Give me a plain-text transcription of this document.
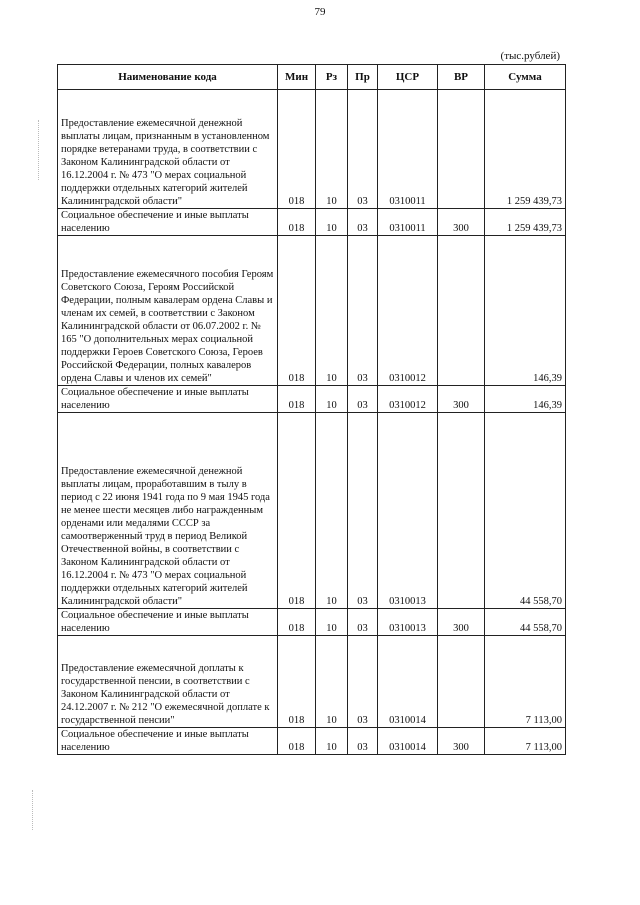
79
(тыс.рублей)
Наименование кода	Мин	Рз	Пр	ЦСР	ВР	Сумма

Предоставление ежемесячной денежной выплаты лицам, признанным в установленном порядке ветеранами труда, в соответствии с Законом Калининградской области от 16.12.2004 г. № 473 "О мерах социальной поддержки отдельных категорий жителей Калининградской области"	018	10	03	0310011		1 259 439,73

Социальное обеспечение и иные выплаты населению	018	10	03	0310011	300	1 259 439,73

Предоставление ежемесячного пособия Героям Советского Союза, Героям Российской Федерации, полным кавалерам ордена Славы и членам их семей, в соответствии с Законом Калининградской области от 06.07.2002 г. № 165 "О дополнительных мерах социальной поддержки Героев Советского Союза, Героев Российской Федерации, полных кавалеров ордена Славы и членов их семей"	018	10	03	0310012		146,39

Социальное обеспечение и иные выплаты населению	018	10	03	0310012	300	146,39

Предоставление ежемесячной денежной выплаты лицам, проработавшим в тылу в период с 22 июня 1941 года по 9 мая 1945 года не менее шести месяцев либо награжденным орденами или медалями СССР за самоотверженный труд в период Великой Отечественной войны, в соответствии с Законом Калининградской области от 16.12.2004 г. № 473 "О мерах социальной поддержки отдельных категорий жителей Калининградской области"	018	10	03	0310013		44 558,70

Социальное обеспечение и иные выплаты населению	018	10	03	0310013	300	44 558,70

Предоставление ежемесячной доплаты к государственной пенсии, в соответствии с Законом Калининградской области от 24.12.2007 г. № 212 "О ежемесячной доплате к государственной пенсии"	018	10	03	0310014		7 113,00

Социальное обеспечение и иные выплаты населению	018	10	03	0310014	300	7 113,00
